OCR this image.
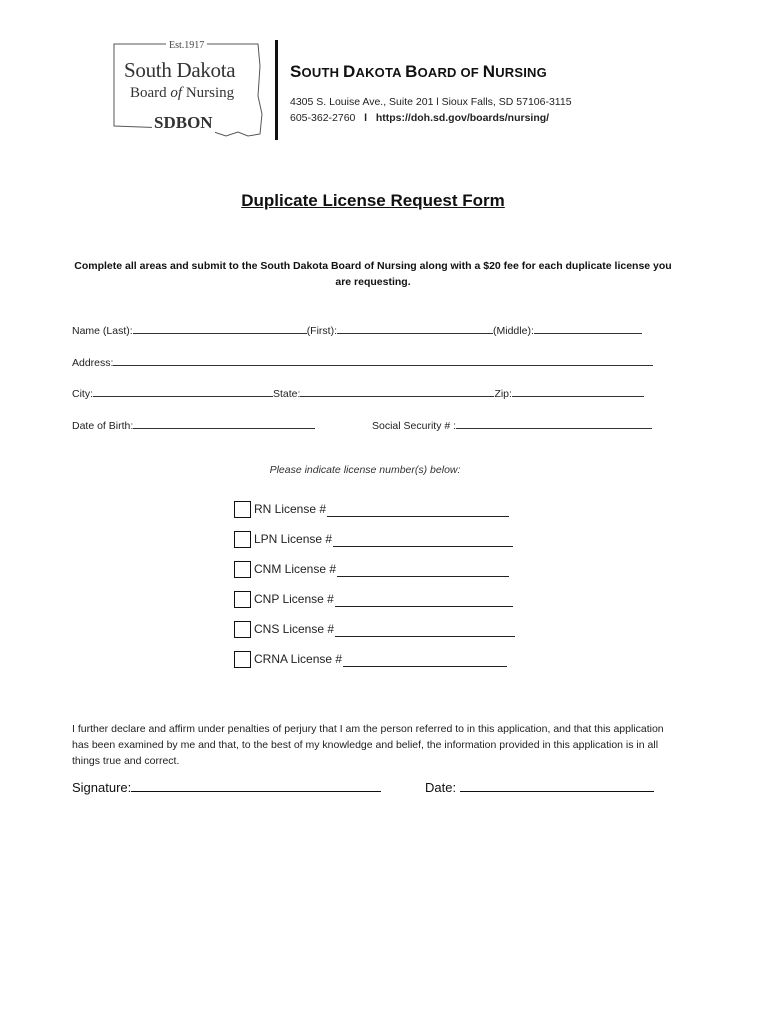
Est.1917
South Dakota
Board of Nursing
SDBON
SOUTH DAKOTA BOARD OF NURSING
4305 S. Louise Ave., Suite 201 l Sioux Falls, SD 57106-3115
605-362-2760 l https://doh.sd.gov/boards/nursing/
Duplicate License Request Form
Complete all areas and submit to the South Dakota Board of Nursing along with a $20 fee for each duplicate license you are requesting.
Name (Last):	(First):	(Middle):
Address:
City:	State:	Zip:
Date of Birth:	Social Security # :
Please indicate license number(s) below:
RN License #
LPN License #
CNM License #
CNP License #
CNS License #
CRNA License #
I further declare and affirm under penalties of perjury that I am the person referred to in this application, and that this application has been examined by me and that, to the best of my knowledge and belief, the information provided in this application is in all things true and correct.
Signature:	Date:
